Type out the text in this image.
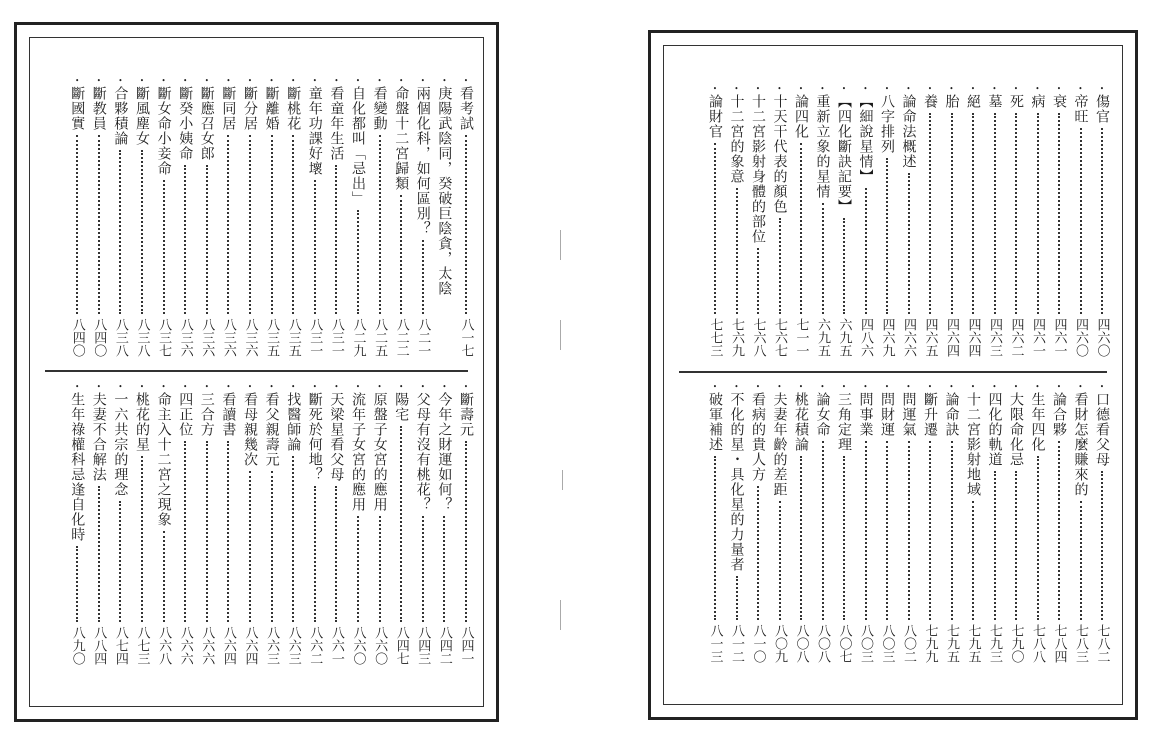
•
看考試
八一七
•
庚陽武陰同，癸破巨陰貪，太陰
•
兩個化科，如何區別？
八二一
•
命盤十二宮歸類
八二二
•
看變動
八二五
•
自化都叫「忌出」
八二九
•
看童年生活
八三一
•
童年功課好壞
八三一
•
斷桃花
八三五
•
斷離婚
八三五
•
斷分居
八三六
•
斷同居
八三六
•
斷應召女郎
八三六
•
斷癸小姨命
八三六
•
斷女命小妾命
八三七
•
斷風塵女
八三八
•
合夥積論
八三八
•
斷教員
八四〇
•
斷國實
八四〇
•
斷壽元
八四一
•
今年之財運如何？
八四二
•
父母有沒有桃花？
八四三
•
陽宅
八四七
•
原盤子女宮的應用
八六〇
•
流年子女宮的應用
八六〇
•
天梁星看父母
八六一
•
斷死於何地？
八六二
•
找醫師論
八六三
•
看父親壽元
八六三
•
看母親幾次
八六四
•
看讀書
八六四
•
三合方
八六六
•
四正位
八六六
•
命主入十二宮之現象
八六八
•
桃花的星
八七三
•
一六共宗的理念
八七四
•
夫妻不合解法
八八四
•
生年祿權科忌逢自化時
八九〇
•
傷官
四六〇
•
帝旺
四六〇
•
衰
四六一
•
病
四六一
•
死
四六二
•
墓
四六三
•
絕
四六四
•
胎
四六四
•
養
四六五
•
論命法概述
四六六
•
八字排列
四六九
•
【細說星情】
四八六
•
【四化斷訣記要】
六九五
•
重新立象的星情
六九五
•
論四化
七一一
•
十天干代表的顏色
七六七
•
十二宮影射身體的部位
七六八
•
十二宮的象意
七六九
•
論財官
七七三
•
口德看父母
七八二
•
看財怎麼賺來的
七八三
•
論合夥
七八四
•
生年四化
七八八
•
大限命化忌
七九〇
•
四化的軌道
七九三
•
十二宮影射地域
七九五
•
論命訣
七九五
•
斷升遷
七九九
•
問運氣
八〇二
•
問財運
八〇三
•
問事業
八〇三
•
三角定理
八〇七
•
論女命
八〇八
•
桃花積論
八〇八
•
夫妻年齡的差距
八〇九
•
看病的貴人方
八一〇
•
不化的星・具化星的力量者
八一二
•
破軍補述
八一三
